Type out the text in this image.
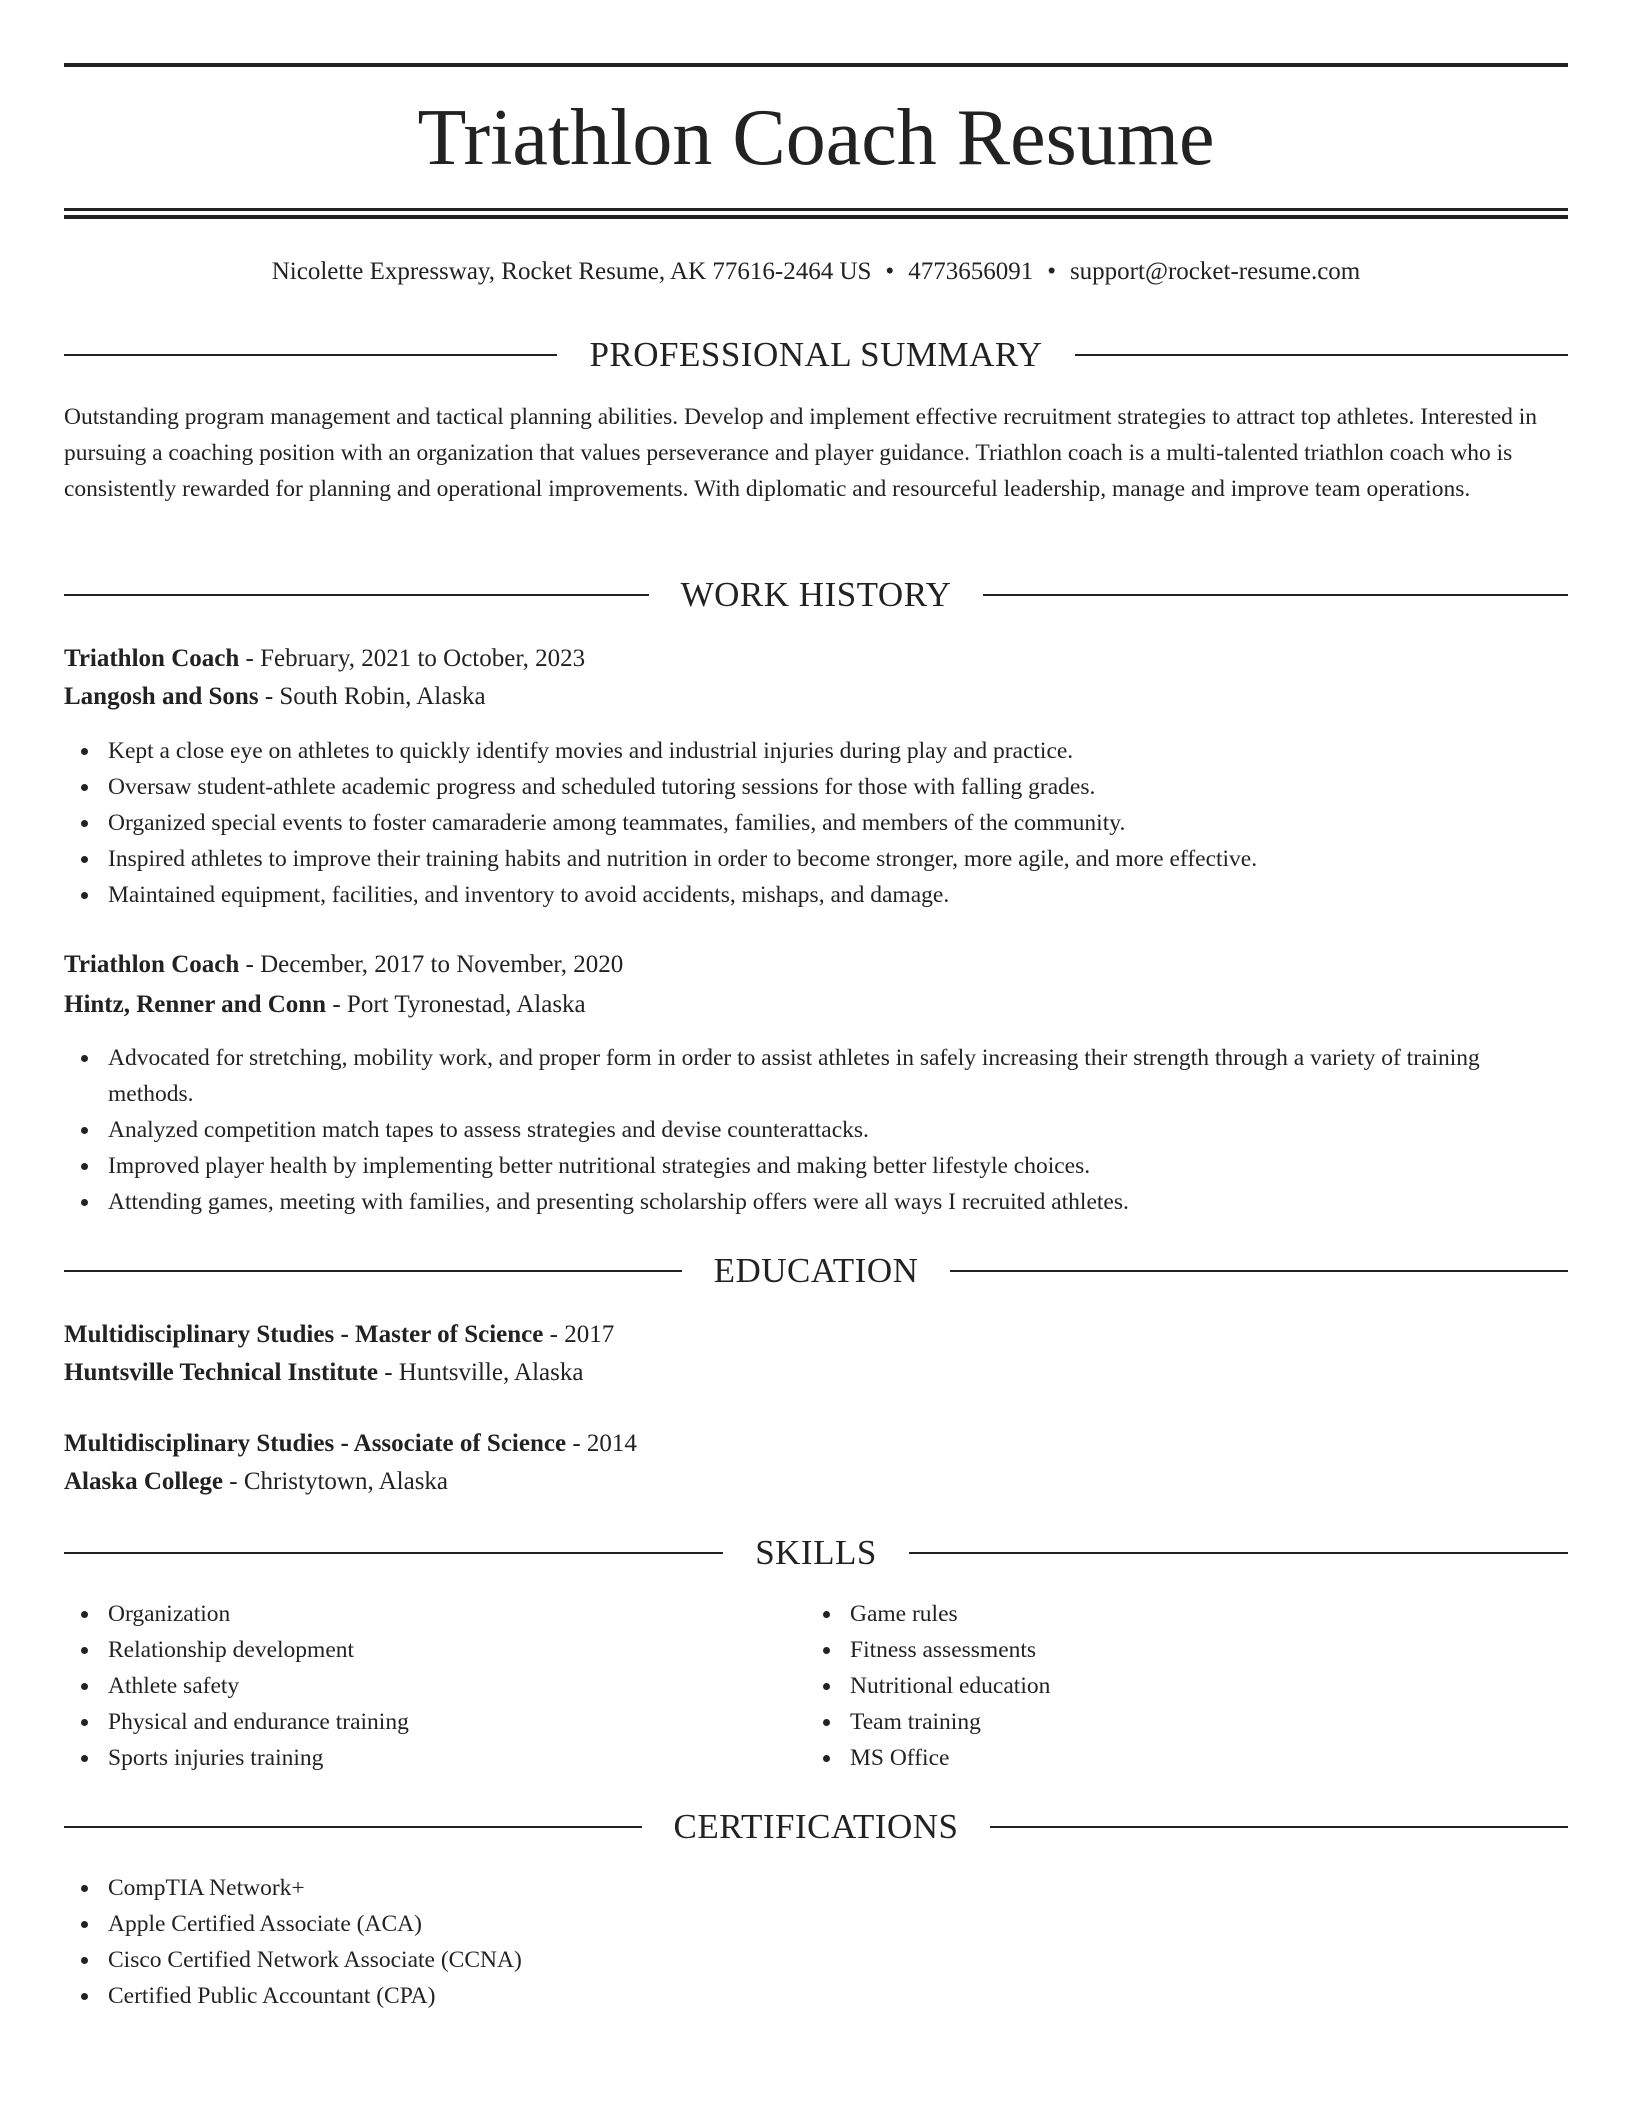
Triathlon Coach Resume
Nicolette Expressway, Rocket Resume, AK 77616-2464 US • 4773656091 • support@rocket-resume.com
PROFESSIONAL SUMMARY

Outstanding program management and tactical planning abilities. Develop and implement effective recruitment strategies to attract top athletes. Interested in pursuing a coaching position with an organization that values perseverance and player guidance. Triathlon coach is a multi-talented triathlon coach who is consistently rewarded for planning and operational improvements. With diplomatic and resourceful leadership, manage and improve team operations.

WORK HISTORY
Triathlon Coach - February, 2021 to October, 2023
Langosh and Sons - South Robin, Alaska
Kept a close eye on athletes to quickly identify movies and industrial injuries during play and practice.
Oversaw student-athlete academic progress and scheduled tutoring sessions for those with falling grades.
Organized special events to foster camaraderie among teammates, families, and members of the community.
Inspired athletes to improve their training habits and nutrition in order to become stronger, more agile, and more effective.
Maintained equipment, facilities, and inventory to avoid accidents, mishaps, and damage.
Triathlon Coach - December, 2017 to November, 2020
Hintz, Renner and Conn - Port Tyronestad, Alaska
Advocated for stretching, mobility work, and proper form in order to assist athletes in safely increasing their strength through a variety of training methods.
Analyzed competition match tapes to assess strategies and devise counterattacks.
Improved player health by implementing better nutritional strategies and making better lifestyle choices.
Attending games, meeting with families, and presenting scholarship offers were all ways I recruited athletes.
EDUCATION
Multidisciplinary Studies - Master of Science - 2017
Huntsville Technical Institute - Huntsville, Alaska
Multidisciplinary Studies - Associate of Science - 2014
Alaska College - Christytown, Alaska
SKILLS
Organization
Relationship development
Athlete safety
Physical and endurance training
Sports injuries training
Game rules
Fitness assessments
Nutritional education
Team training
MS Office
CERTIFICATIONS
CompTIA Network+
Apple Certified Associate (ACA)
Cisco Certified Network Associate (CCNA)
Certified Public Accountant (CPA)
